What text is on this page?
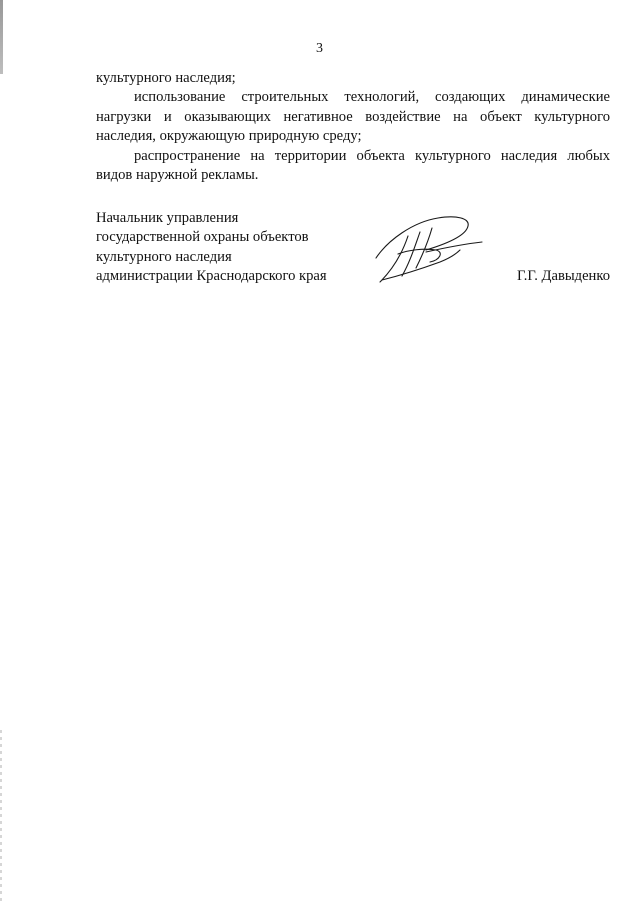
3

культурного наследия;

использование строительных технологий, создающих динамические нагрузки и оказывающих негативное воздействие на объект культурного наследия, окружающую природную среду;

распространение на территории объекта культурного наследия любых видов наружной рекламы.

Начальник управления
государственной охраны объектов
культурного наследия
администрации Краснодарского края	Г.Г. Давыденко
